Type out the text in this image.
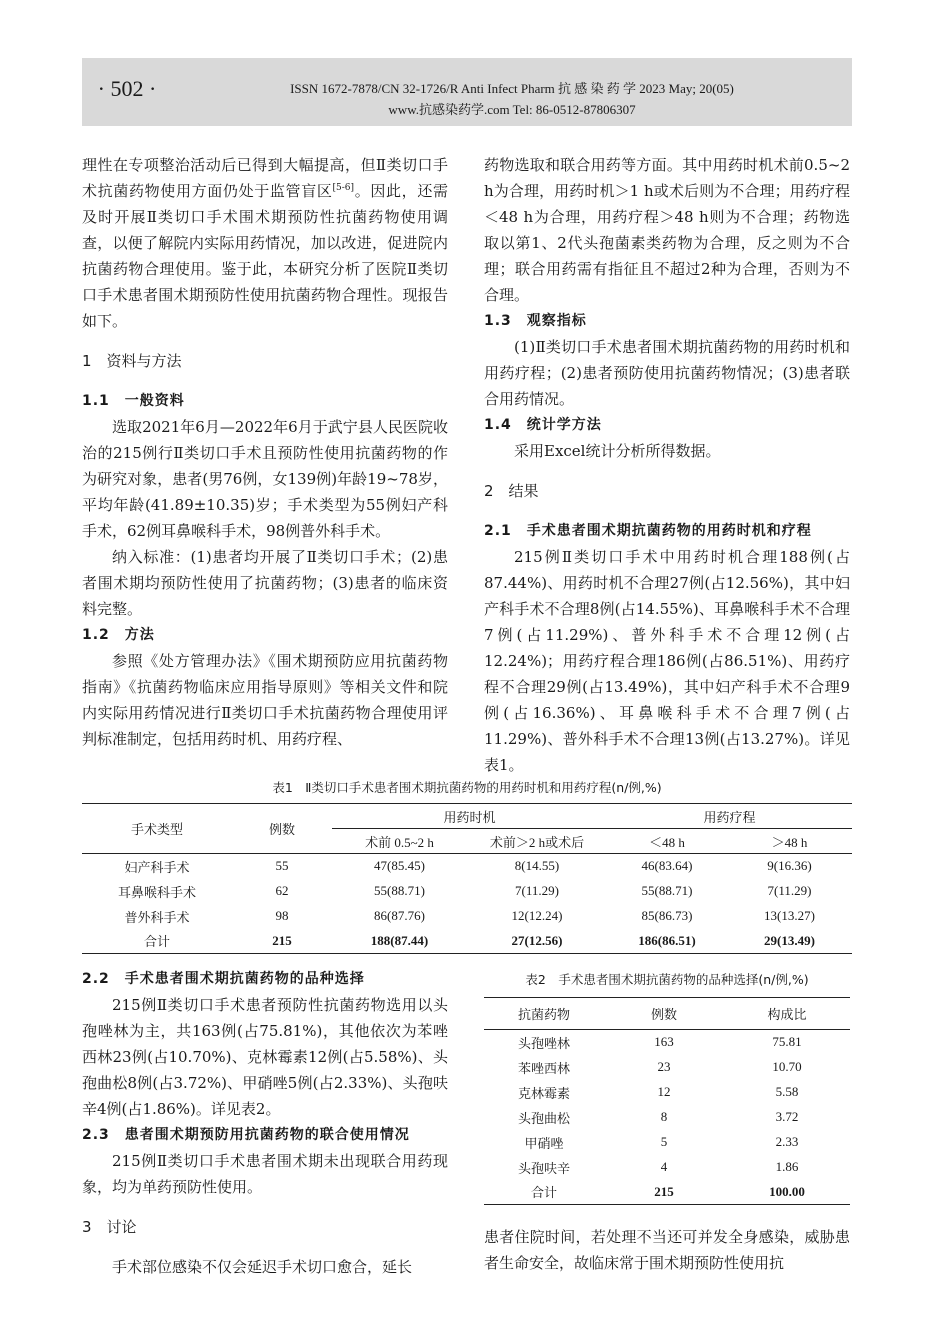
· 502 ·	ISSN 1672-7878/CN 32-1726/R Anti Infect Pharm 抗 感 染 药 学 2023 May; 20(05)
www.抗感染药学.com Tel: 86-0512-87806307

理性在专项整治活动后已得到大幅提高，但Ⅱ类切口手术抗菌药物使用方面仍处于监管盲区[5-6]。因此，还需及时开展Ⅱ类切口手术围术期预防性抗菌药物使用调查，以便了解院内实际用药情况，加以改进，促进院内抗菌药物合理使用。鉴于此，本研究分析了医院Ⅱ类切口手术患者围术期预防性使用抗菌药物合理性。现报告如下。

1　资料与方法

1.1　一般资料

选取2021年6月—2022年6月于武宁县人民医院收治的215例行Ⅱ类切口手术且预防性使用抗菌药物的作为研究对象，患者(男76例，女139例)年龄19~78岁，平均年龄(41.89±10.35)岁；手术类型为55例妇产科手术，62例耳鼻喉科手术，98例普外科手术。

纳入标准：(1)患者均开展了Ⅱ类切口手术；(2)患者围术期均预防性使用了抗菌药物；(3)患者的临床资料完整。

1.2　方法

参照《处方管理办法》《围术期预防应用抗菌药物指南》《抗菌药物临床应用指导原则》等相关文件和院内实际用药情况进行Ⅱ类切口手术抗菌药物合理使用评判标准制定，包括用药时机、用药疗程、

药物选取和联合用药等方面。其中用药时机术前0.5~2 h为合理，用药时机＞1 h或术后则为不合理；用药疗程＜48 h为合理，用药疗程＞48 h则为不合理；药物选取以第1、2代头孢菌素类药物为合理，反之则为不合理；联合用药需有指征且不超过2种为合理，否则为不合理。

1.3　观察指标

(1)Ⅱ类切口手术患者围术期抗菌药物的用药时机和用药疗程；(2)患者预防使用抗菌药物情况；(3)患者联合用药情况。

1.4　统计学方法

采用Excel统计分析所得数据。

2　结果

2.1　手术患者围术期抗菌药物的用药时机和疗程

215例Ⅱ类切口手术中用药时机合理188例(占87.44%)、用药时机不合理27例(占12.56%)，其中妇产科手术不合理8例(占14.55%)、耳鼻喉科手术不合理7例(占11.29%)、普外科手术不合理12例(占12.24%)；用药疗程合理186例(占86.51%)、用药疗程不合理29例(占13.49%)，其中妇产科手术不合理9例(占16.36%)、耳鼻喉科手术不合理7例(占11.29%)、普外科手术不合理13例(占13.27%)。详见表1。

表1　Ⅱ类切口手术患者围术期抗菌药物的用药时机和用药疗程(n/例,%)
手术类型	例数	用药时机		用药疗程	
		术前 0.5~2 h	术前＞2 h或术后	＜48 h	＞48 h
妇产科手术	55	47(85.45)	8(14.55)	46(83.64)	9(16.36)
耳鼻喉科手术	62	55(88.71)	7(11.29)	55(88.71)	7(11.29)
普外科手术	98	86(87.76)	12(12.24)	85(86.73)	13(13.27)
合计	215	188(87.44)	27(12.56)	186(86.51)	29(13.49)

2.2　手术患者围术期抗菌药物的品种选择

215例Ⅱ类切口手术患者预防性抗菌药物选用以头孢唑林为主，共163例(占75.81%)，其他依次为苯唑西林23例(占10.70%)、克林霉素12例(占5.58%)、头孢曲松8例(占3.72%)、甲硝唑5例(占2.33%)、头孢呋辛4例(占1.86%)。详见表2。

2.3　患者围术期预防用抗菌药物的联合使用情况

215例Ⅱ类切口手术患者围术期未出现联合用药现象，均为单药预防性使用。

3　讨论

手术部位感染不仅会延迟手术切口愈合，延长

表2　手术患者围术期抗菌药物的品种选择(n/例,%)
抗菌药物	例数	构成比
头孢唑林	163	75.81
苯唑西林	23	10.70
克林霉素	12	5.58
头孢曲松	8	3.72
甲硝唑	5	2.33
头孢呋辛	4	1.86
合计	215	100.00

患者住院时间，若处理不当还可并发全身感染，威胁患者生命安全，故临床常于围术期预防性使用抗
